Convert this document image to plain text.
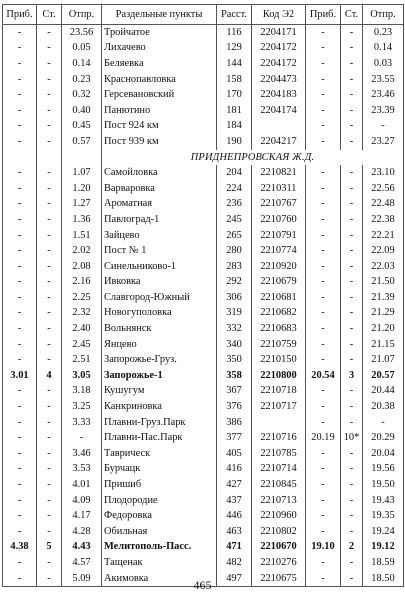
Приб.	Ст.	Отпр.	Раздельные пункты	Расст.	Код Э2	Приб.	Ст.	Отпр.
-	-	23.56	Тройчатое	116	2204171	-	-	0.23
-	-	0.05	Лихачево	129	2204172	-	-	0.14
-	-	0.14	Беляевка	144	2204172	-	-	0.03
-	-	0.23	Краснопавловка	158	2204473	-	-	23.55
-	-	0.32	Герсевановский	170	2204183	-	-	23.46
-	-	0.40	Панютино	181	2204174	-	-	23.39
-	-	0.45	Пост 924 км	184		-	-	-
-	-	0.57	Пост 939 км	190	2204217	-	-	23.27
			ПРИДНЕПРОВСКАЯ Ж.Д.					
-	-	1.07	Самойловка	204	2210821	-	-	23.10
-	-	1.20	Варваровка	224	2210311	-	-	22.56
-	-	1.27	Ароматная	236	2210767	-	-	22.48
-	-	1.36	Павлоград-1	245	2210760	-	-	22.38
-	-	1.51	Зайцево	265	2210791	-	-	22.21
-	-	2.02	Пост № 1	280	2210774	-	-	22.09
-	-	2.08	Синельниково-1	283	2210920	-	-	22.03
-	-	2.16	Ивковка	292	2210679	-	-	21.50
-	-	2.25	Славгород-Южный	306	2210681	-	-	21.39
-	-	2.32	Новогуполовка	319	2210682	-	-	21.29
-	-	2.40	Вольнянск	332	2210683	-	-	21.20
-	-	2.45	Янцево	340	2210759	-	-	21.15
-	-	2.51	Запорожье-Груз.	350	2210150	-	-	21.07
3.01	4	3.05	Запорожье-1	358	2210800	20.54	3	20.57
-	-	3.18	Кушугум	367	2210718	-	-	20.44
-	-	3.25	Канкриновка	376	2210717	-	-	20.38
-	-	3.33	Плавни-Груз.Парк	386		-	-	-
-	-	-	Плавни-Пас.Парк	377	2210716	20.19	10*	20.29
-	-	3.46	Таврическ	405	2210785	-	-	20.04
-	-	3.53	Бурчацк	416	2210714	-	-	19.56
-	-	4.01	Пришиб	427	2210845	-	-	19.50
-	-	4.09	Плодородие	437	2210713	-	-	19.43
-	-	4.17	Федоровка	446	2210960	-	-	19.35
-	-	4.28	Обильная	463	2210802	-	-	19.24
4.38	5	4.43	Мелитополь-Пасс.	471	2210670	19.10	2	19.12
-	-	4.57	Тащенак	482	2210276	-	-	18.59
-	-	5.09	Акимовка	497	2210675	-	-	18.50
465
